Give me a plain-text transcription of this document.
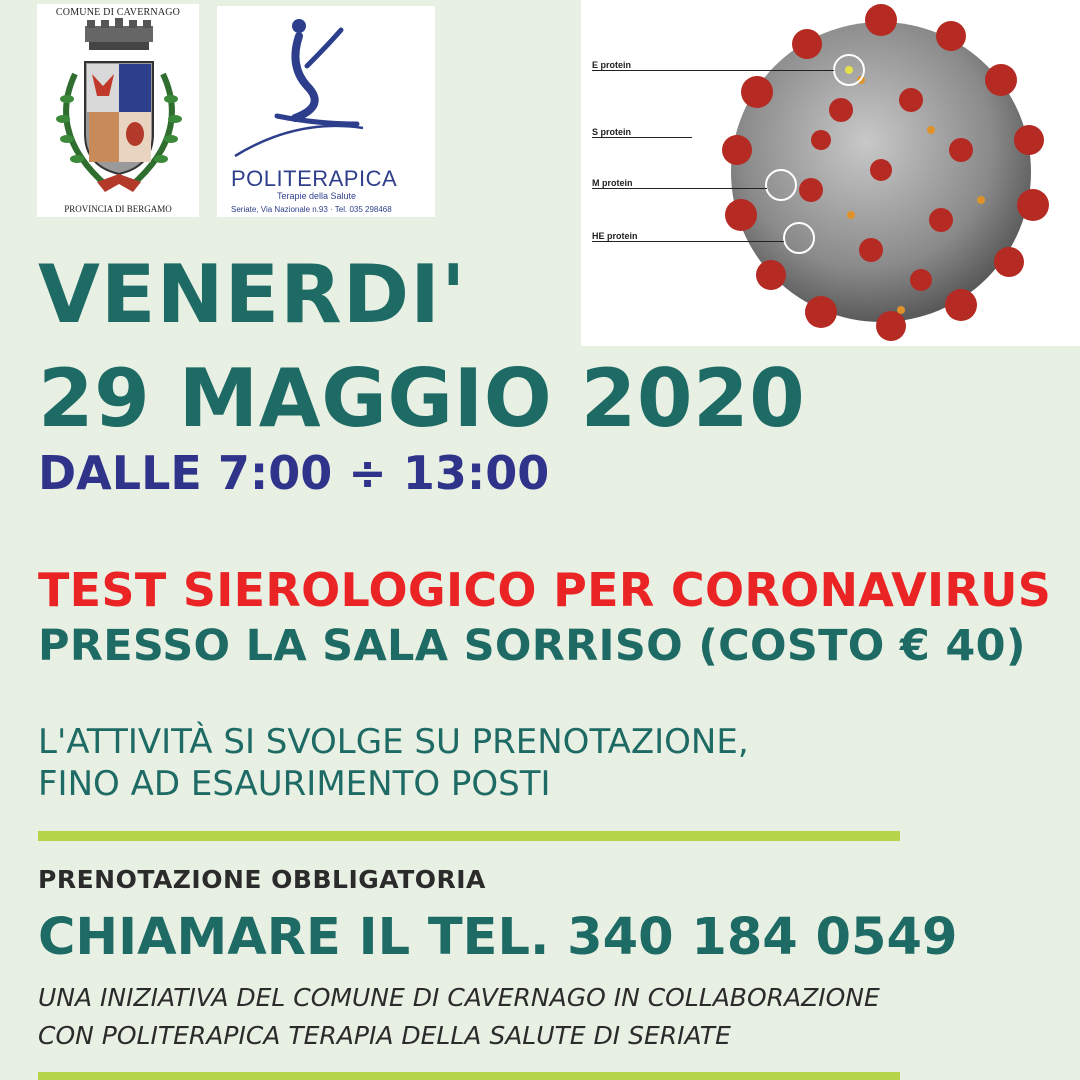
COMUNE DI CAVERNAGO
PROVINCIA DI BERGAMO
POLITERAPICA
Terapie della Salute
Seriate, Via Nazionale n.93 · Tel. 035 298468
E protein
S protein
M protein
HE protein
VENERDI'
29 MAGGIO 2020
DALLE 7:00 ÷ 13:00
TEST SIEROLOGICO PER CORONAVIRUS
PRESSO LA SALA SORRISO (COSTO € 40)
L'ATTIVITÀ SI SVOLGE SU PRENOTAZIONE,
FINO AD ESAURIMENTO POSTI
PRENOTAZIONE OBBLIGATORIA
CHIAMARE IL TEL. 340 184 0549
UNA INIZIATIVA DEL COMUNE DI CAVERNAGO IN COLLABORAZIONE
CON POLITERAPICA TERAPIA DELLA SALUTE DI SERIATE
